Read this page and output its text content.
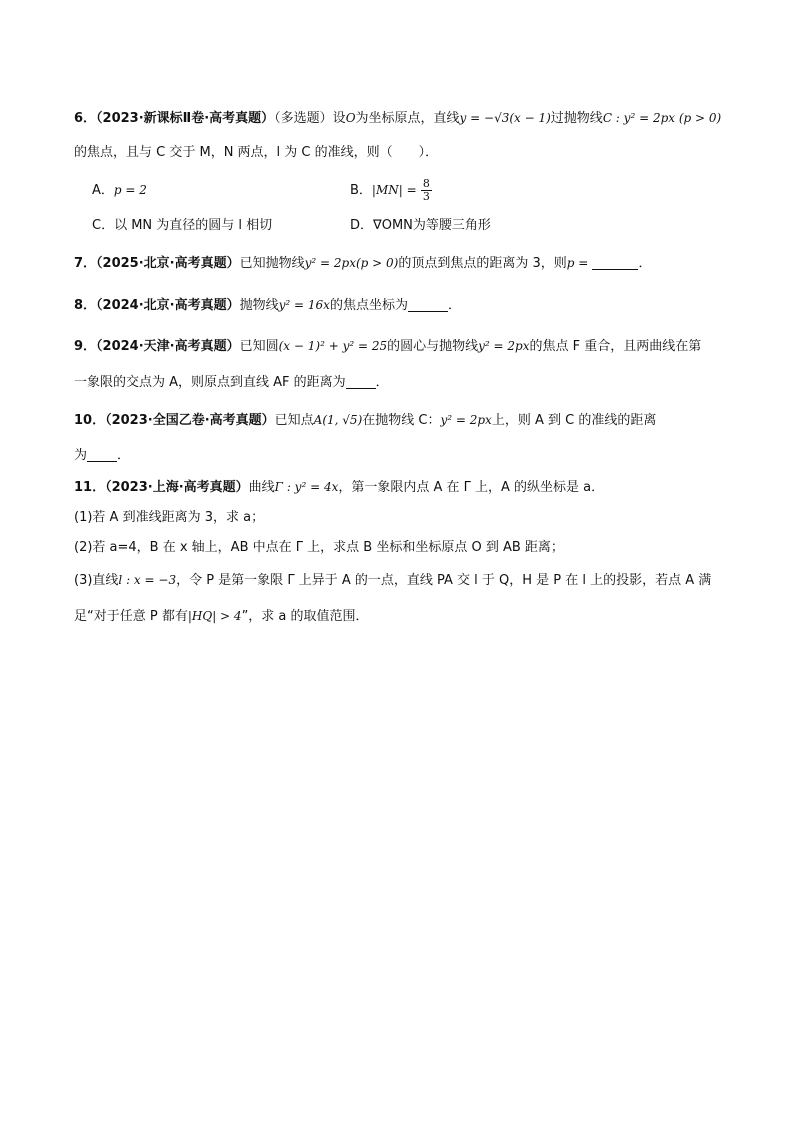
6．（2023·新课标Ⅱ卷·高考真题）（多选题）设O为坐标原点，直线y = −√3(x − 1)过抛物线C : y² = 2px (p > 0)
的焦点，且与 C 交于 M，N 两点，l 为 C 的准线，则（　　）．
A．p = 2	B．$|MN| = \frac{8}{3}$
C．以 MN 为直径的圆与 l 相切	D．∇OMN为等腰三角形
7．（2025·北京·高考真题）已知抛物线y² = 2px(p > 0)的顶点到焦点的距离为 3，则p =	．
8．（2024·北京·高考真题）抛物线y² = 16x的焦点坐标为	．
9．（2024·天津·高考真题）已知圆(x − 1)² + y² = 25的圆心与抛物线y² = 2px的焦点 F 重合，且两曲线在第
一象限的交点为 A，则原点到直线 AF 的距离为 ．
10．（2023·全国乙卷·高考真题）已知点A(1, √5)在抛物线 C：y² = 2px上，则 A 到 C 的准线的距离
为 ．
11．（2023·上海·高考真题）曲线Γ : y² = 4x，第一象限内点 A 在 Γ 上，A 的纵坐标是 a．
(1)若 A 到准线距离为 3，求 a；
(2)若 a=4，B 在 x 轴上，AB 中点在 Γ 上，求点 B 坐标和坐标原点 O 到 AB 距离；
(3)直线l : x = −3，令 P 是第一象限 Γ 上异于 A 的一点，直线 PA 交 l 于 Q，H 是 P 在 l 上的投影，若点 A 满
足“对于任意 P 都有|HQ| > 4”，求 a 的取值范围．
